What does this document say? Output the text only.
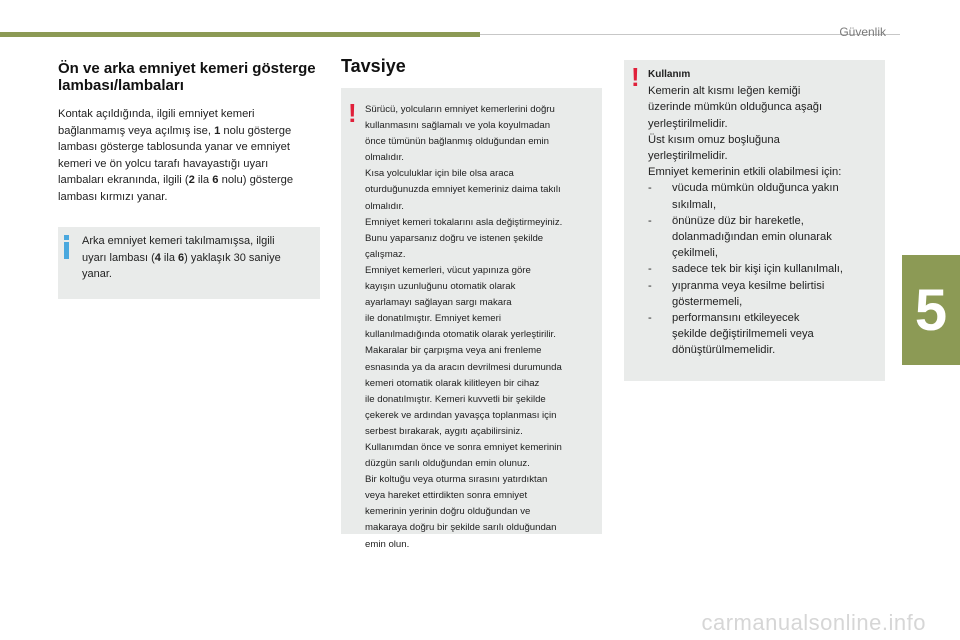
Güvenlik
5
Ön ve arka emniyet kemeri gösterge lambası/lambaları

Kontak açıldığında, ilgili emniyet kemeri
bağlanmamış veya açılmış ise, 1 nolu gösterge
lambası gösterge tablosunda yanar ve emniyet
kemeri ve ön yolcu tarafı havayastığı uyarı
lambaları ekranında, ilgili (2 ila 6 nolu) gösterge
lambası kırmızı yanar.

Arka emniyet kemeri takılmamışsa, ilgili
uyarı lambası (4 ila 6) yaklaşık 30 saniye
yanar.
Tavsiye
! Sürücü, yolcuların emniyet kemerlerini doğru
kullanmasını sağlamalı ve yola koyulmadan
önce tümünün bağlanmış olduğundan emin
olmalıdır.
Kısa yolculuklar için bile olsa araca
oturduğunuzda emniyet kemeriniz daima takılı
olmalıdır.
Emniyet kemeri tokalarını asla değiştirmeyiniz.
Bunu yaparsanız doğru ve istenen şekilde
çalışmaz.
Emniyet kemerleri, vücut yapınıza göre
kayışın uzunluğunu otomatik olarak
ayarlamayı sağlayan sargı makara
ile donatılmıştır. Emniyet kemeri
kullanılmadığında otomatik olarak yerleştirilir.
Makaralar bir çarpışma veya ani frenleme
esnasında ya da aracın devrilmesi durumunda
kemeri otomatik olarak kilitleyen bir cihaz
ile donatılmıştır. Kemeri kuvvetli bir şekilde
çekerek ve ardından yavaşça toplanması için
serbest bırakarak, aygıtı açabilirsiniz.
Kullanımdan önce ve sonra emniyet kemerinin
düzgün sarılı olduğundan emin olunuz.
Bir koltuğu veya oturma sırasını yatırdıktan
veya hareket ettirdikten sonra emniyet
kemerinin yerinin doğru olduğundan ve
makaraya doğru bir şekilde sarılı olduğundan
emin olun.
! Kullanım
Kemerin alt kısmı leğen kemiği
üzerinde mümkün olduğunca aşağı
yerleştirilmelidir.
Üst kısım omuz boşluğuna
yerleştirilmelidir.
Emniyet kemerinin etkili olabilmesi için:
- vücuda mümkün olduğunca yakın
sıkılmalı,
- önünüze düz bir hareketle,
dolanmadığından emin olunarak
çekilmeli,
- sadece tek bir kişi için kullanılmalı,
- yıpranma veya kesilme belirtisi
göstermemeli,
- performansını etkileyecek
şekilde değiştirilmemeli veya
dönüştürülmemelidir.
carmanualsonline.info
